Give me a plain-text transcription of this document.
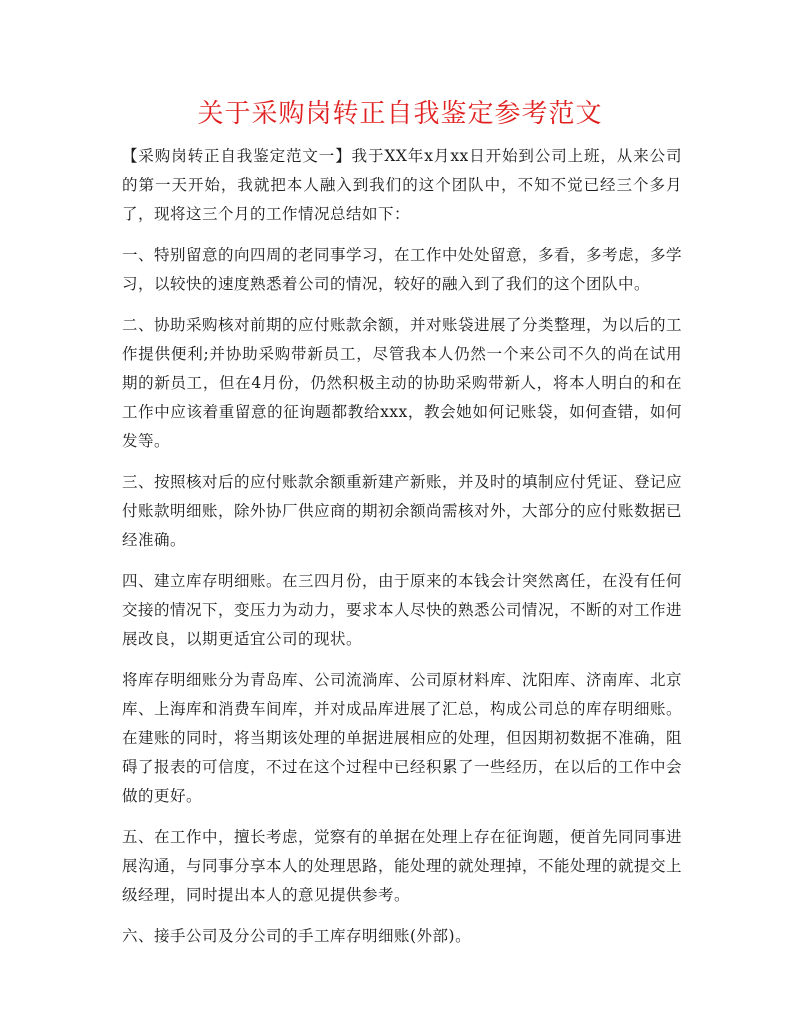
关于采购岗转正自我鉴定参考范文

【采购岗转正自我鉴定范文一】我于XX年x月xx日开始到公司上班，从来公司的第一天开始，我就把本人融入到我们的这个团队中，不知不觉已经三个多月了，现将这三个月的工作情况总结如下：

一、特别留意的向四周的老同事学习，在工作中处处留意，多看，多考虑，多学习，以较快的速度熟悉着公司的情况，较好的融入到了我们的这个团队中。

二、协助采购核对前期的应付账款余额，并对账袋进展了分类整理，为以后的工作提供便利;并协助采购带新员工，尽管我本人仍然一个来公司不久的尚在试用期的新员工，但在4月份，仍然积极主动的协助采购带新人，将本人明白的和在工作中应该着重留意的征询题都教给xxx，教会她如何记账袋，如何查错，如何发等。

三、按照核对后的应付账款余额重新建产新账，并及时的填制应付凭证、登记应付账款明细账，除外协厂供应商的期初余额尚需核对外，大部分的应付账数据已经准确。

四、建立库存明细账。在三四月份，由于原来的本钱会计突然离任，在没有任何交接的情况下，变压力为动力，要求本人尽快的熟悉公司情况，不断的对工作进展改良，以期更适宜公司的现状。

将库存明细账分为青岛库、公司流淌库、公司原材料库、沈阳库、济南库、北京库、上海库和消费车间库，并对成品库进展了汇总，构成公司总的库存明细账。在建账的同时，将当期该处理的单据进展相应的处理，但因期初数据不准确，阻碍了报表的可信度，不过在这个过程中已经积累了一些经历，在以后的工作中会做的更好。

五、在工作中，擅长考虑，觉察有的单据在处理上存在征询题，便首先同同事进展沟通，与同事分享本人的处理思路，能处理的就处理掉，不能处理的就提交上级经理，同时提出本人的意见提供参考。

六、接手公司及分公司的手工库存明细账(外部)。
